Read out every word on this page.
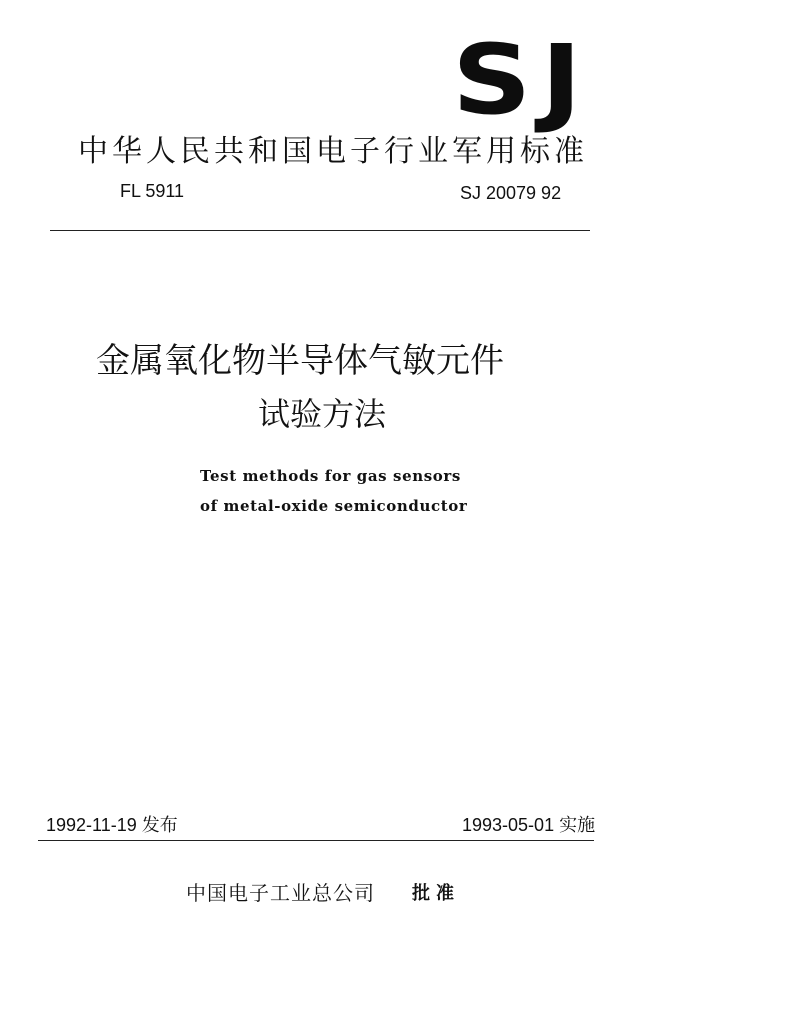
SJ
中华人民共和国电子行业军用标准
FL 5911	SJ 20079 92
金属氧化物半导体气敏元件
试验方法
Test methods for gas sensors
of metal-oxide semiconductor
1992-11-19 发布	1993-05-01 实施
中国电子工业总公司 批准
